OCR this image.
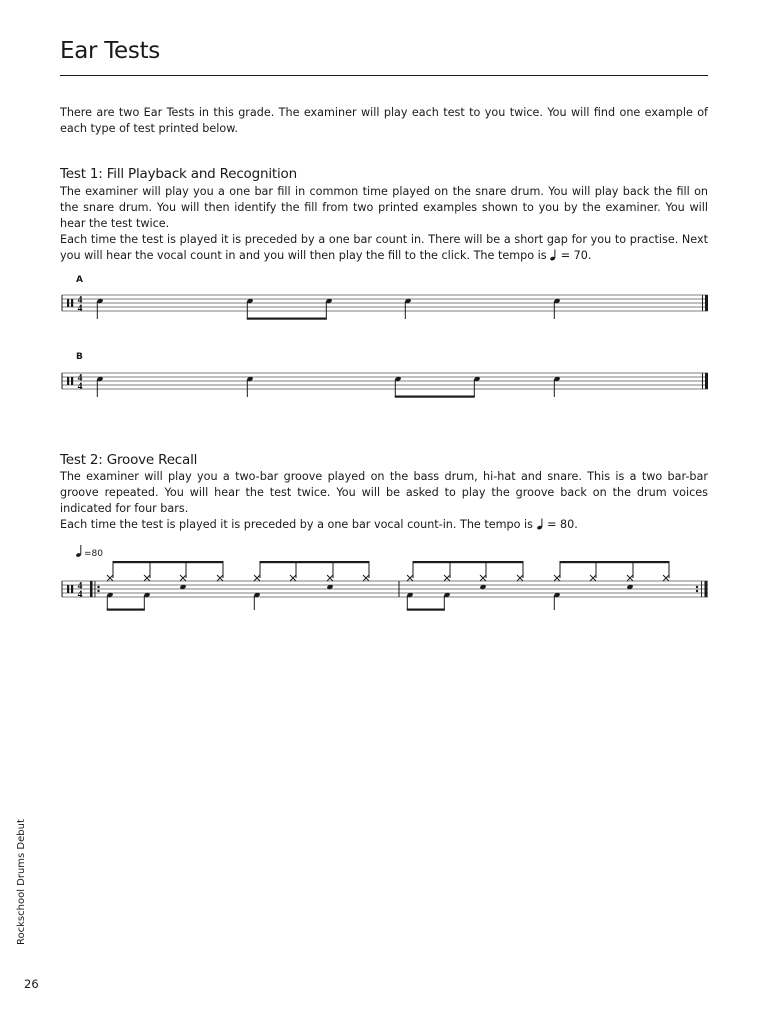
Ear Tests

There are two Ear Tests in this grade. The examiner will play each test to you twice. You will find one example of each type of test printed below.

Test 1: Fill Playback and Recognition

The examiner will play you a one bar fill in common time played on the snare drum. You will play back the fill on the snare drum. You will then identify the fill from two printed examples shown to you by the examiner. You will hear the test twice.

Each time the test is played it is preceded by a one bar count in. There will be a short gap for you to practise. Next you will hear the vocal count in and you will then play the fill to the click. The tempo is = 70.

A
4
4
B
4
4
Test 2: Groove Recall

The examiner will play you a two-bar groove played on the bass drum, hi-hat and snare. This is a two bar-bar groove repeated. You will hear the test twice. You will be asked to play the groove back on the drum voices indicated for four bars.

Each time the test is played it is preceded by a one bar vocal count-in. The tempo is = 80.

=80
4
4
Rockschool Drums Debut
26
